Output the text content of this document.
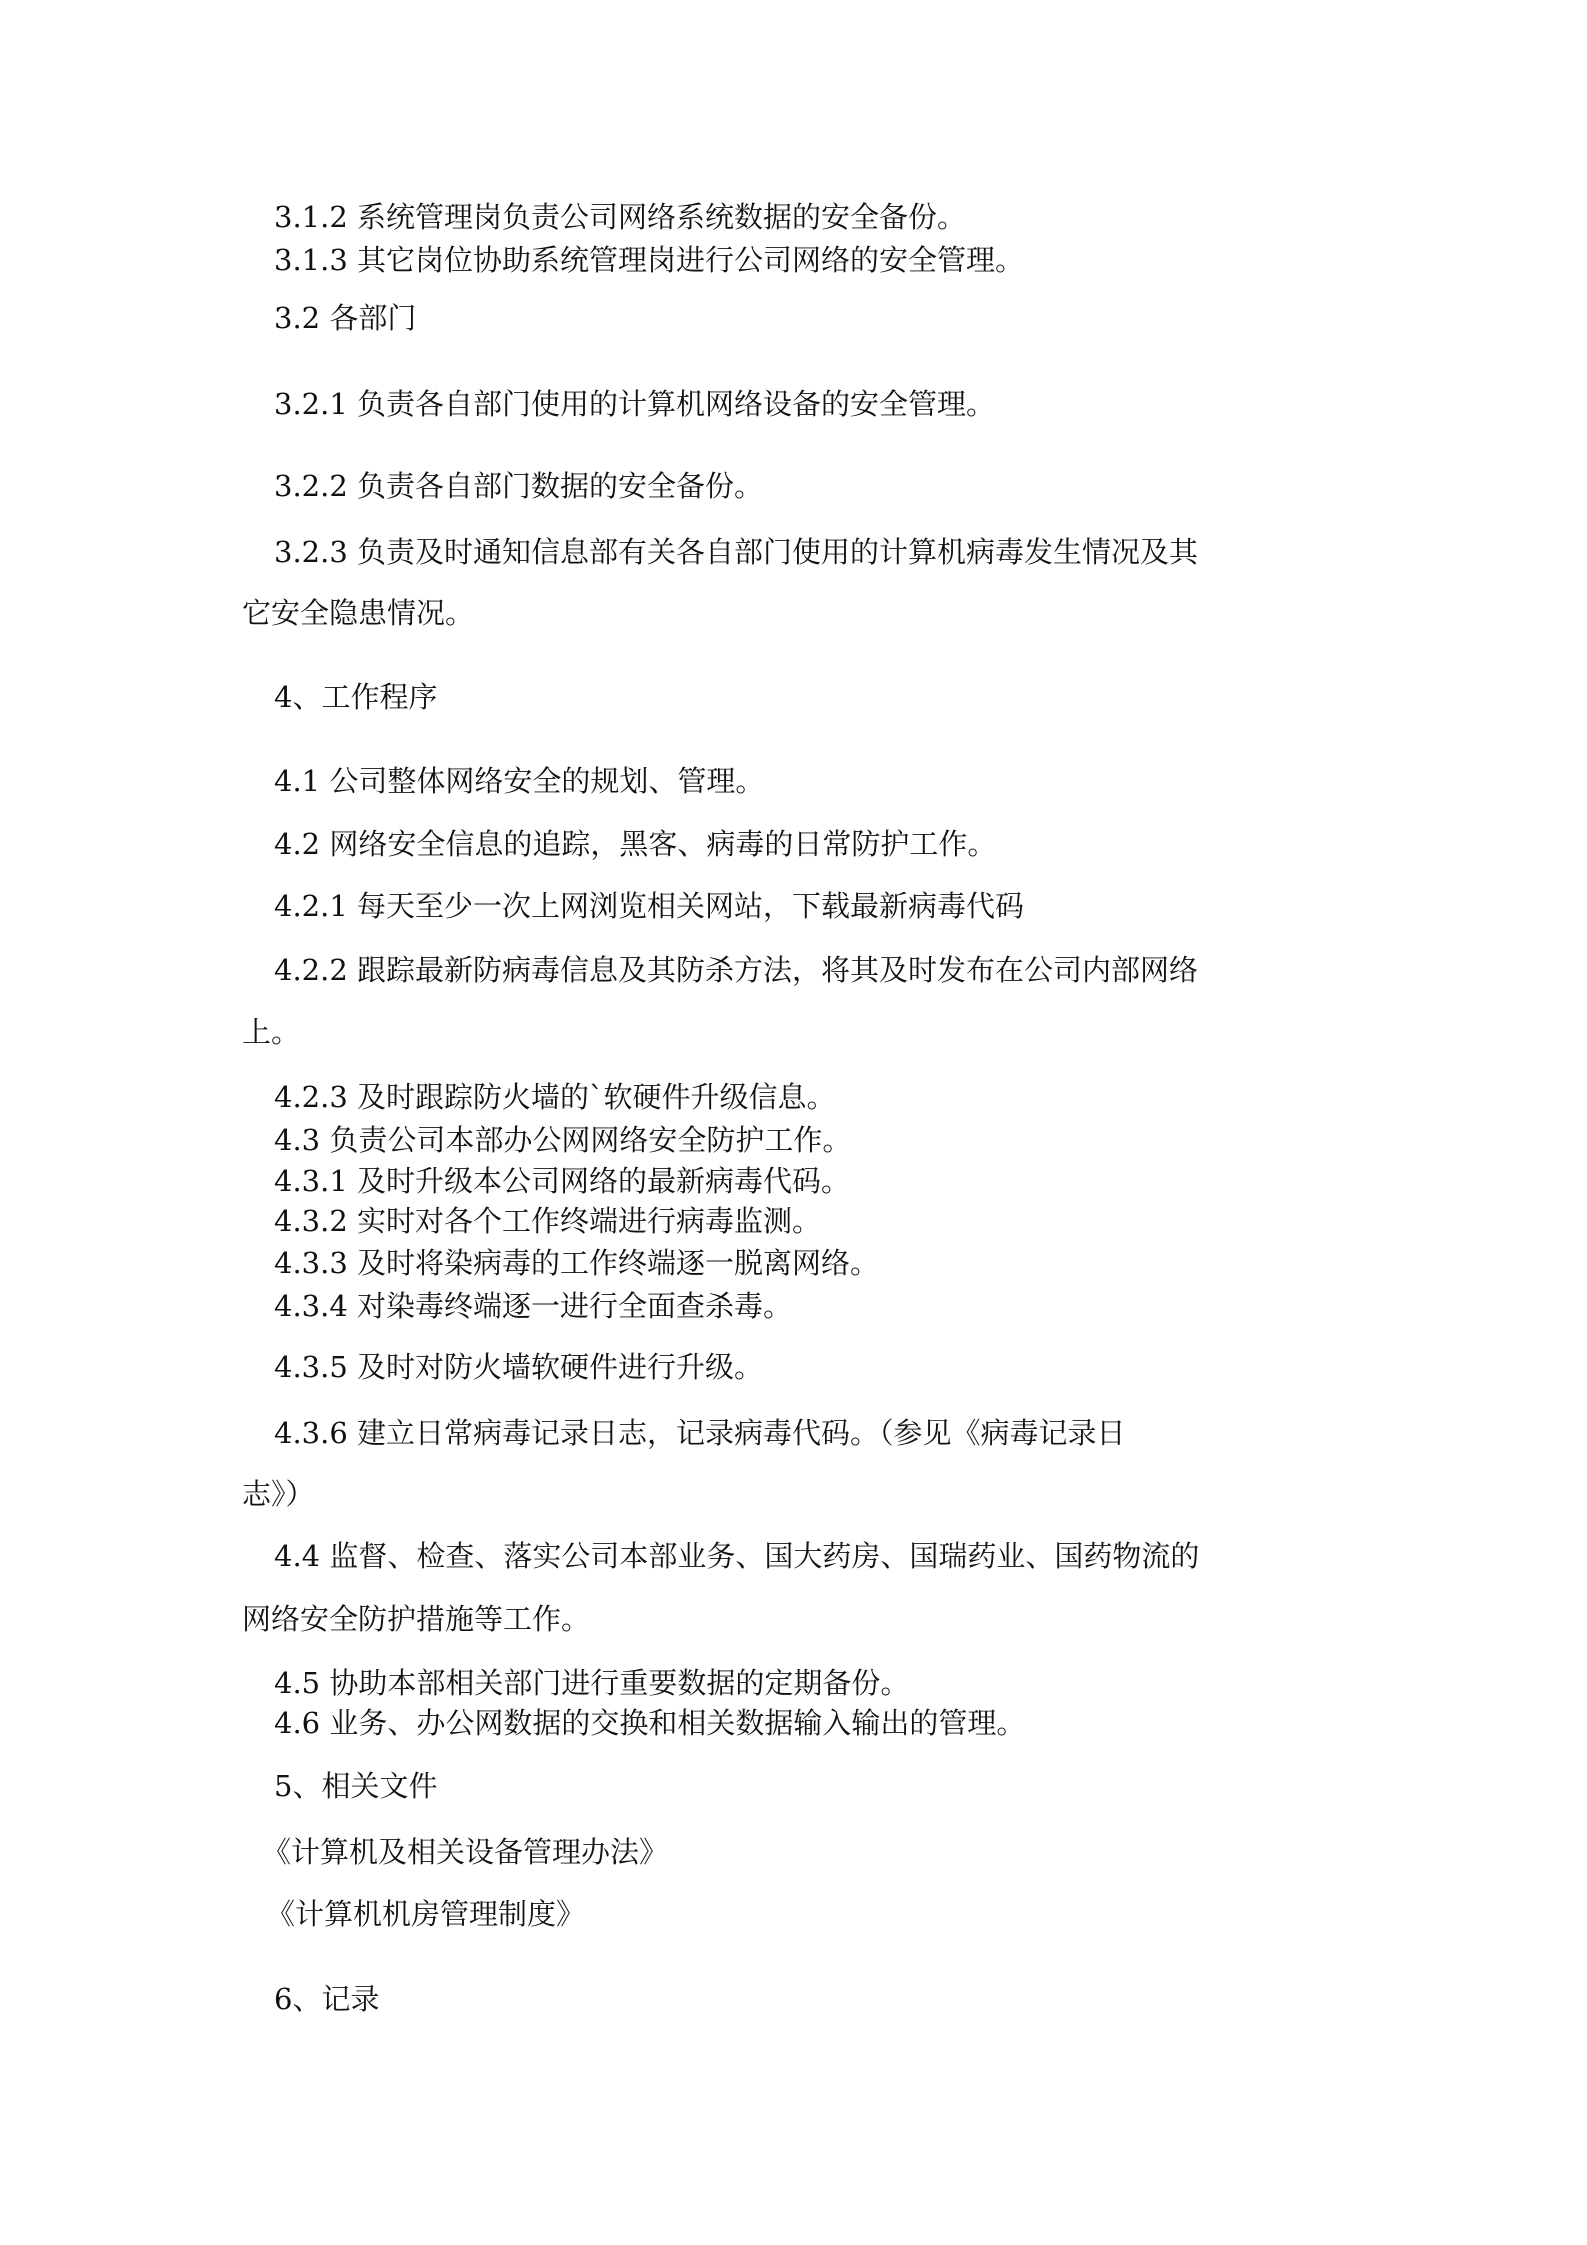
3.1.2 系统管理岗负责公司网络系统数据的安全备份。
3.1.3 其它岗位协助系统管理岗进行公司网络的安全管理。
3.2 各部门
3.2.1 负责各自部门使用的计算机网络设备的安全管理。
3.2.2 负责各自部门数据的安全备份。
3.2.3 负责及时通知信息部有关各自部门使用的计算机病毒发生情况及其
它安全隐患情况。
4、工作程序
4.1 公司整体网络安全的规划、管理。
4.2 网络安全信息的追踪，黑客、病毒的日常防护工作。
4.2.1 每天至少一次上网浏览相关网站，下载最新病毒代码
4.2.2 跟踪最新防病毒信息及其防杀方法，将其及时发布在公司内部网络
上。
4.2.3 及时跟踪防火墙的`软硬件升级信息。
4.3 负责公司本部办公网网络安全防护工作。
4.3.1 及时升级本公司网络的最新病毒代码。
4.3.2 实时对各个工作终端进行病毒监测。
4.3.3 及时将染病毒的工作终端逐一脱离网络。
4.3.4 对染毒终端逐一进行全面查杀毒。
4.3.5 及时对防火墙软硬件进行升级。
4.3.6 建立日常病毒记录日志，记录病毒代码。（参见《病毒记录日
志》）
4.4 监督、检查、落实公司本部业务、国大药房、国瑞药业、国药物流的
网络安全防护措施等工作。
4.5 协助本部相关部门进行重要数据的定期备份。
4.6 业务、办公网数据的交换和相关数据输入输出的管理。
5、相关文件
《计算机及相关设备管理办法》
《计算机机房管理制度》
6、记录
